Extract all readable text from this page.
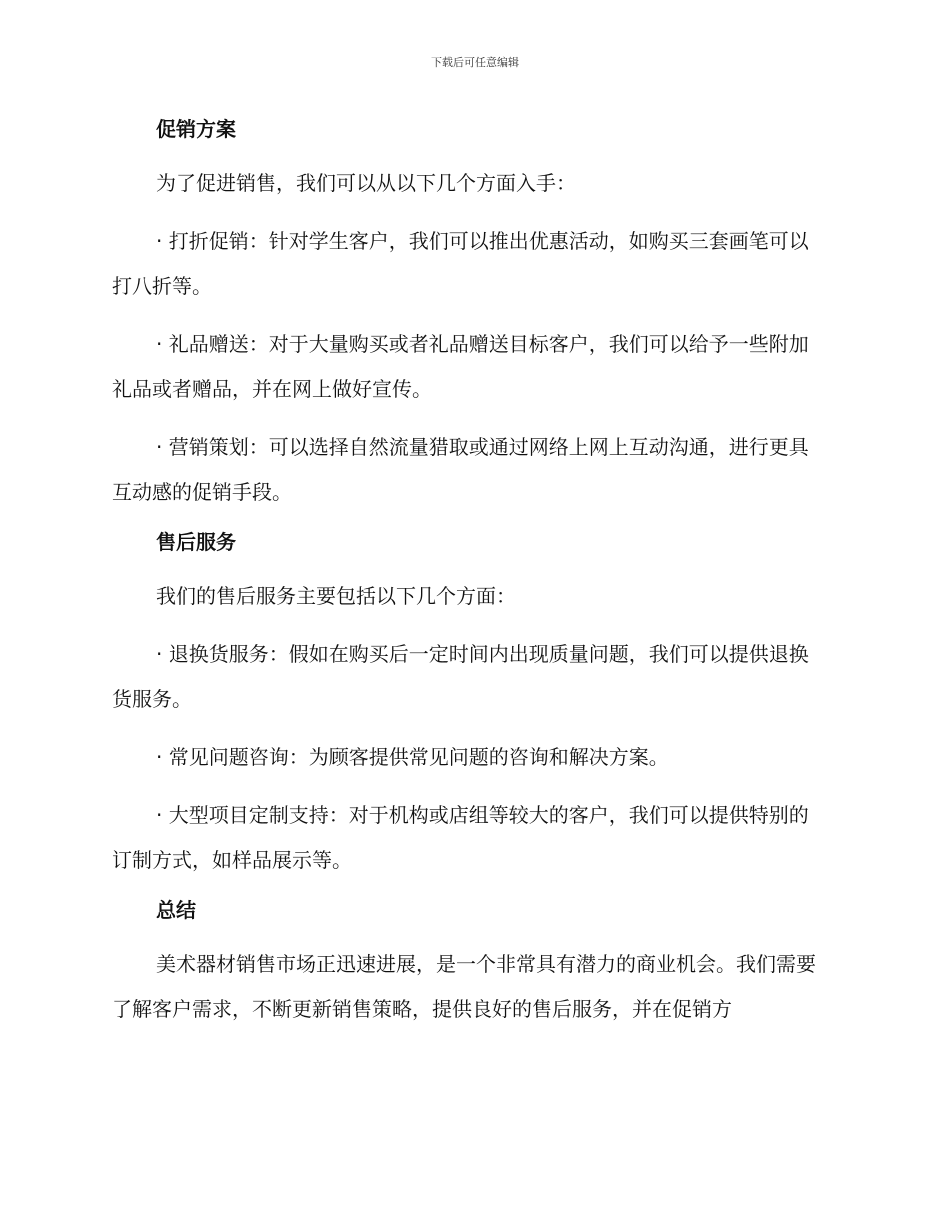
下载后可任意编辑
促销方案

为了促进销售，我们可以从以下几个方面入手：

· 打折促销：针对学生客户，我们可以推出优惠活动，如购买三套画笔可以打八折等。

· 礼品赠送：对于大量购买或者礼品赠送目标客户，我们可以给予一些附加礼品或者赠品，并在网上做好宣传。

· 营销策划：可以选择自然流量猎取或通过网络上网上互动沟通，进行更具互动感的促销手段。

售后服务

我们的售后服务主要包括以下几个方面：

· 退换货服务：假如在购买后一定时间内出现质量问题，我们可以提供退换货服务。

· 常见问题咨询：为顾客提供常见问题的咨询和解决方案。

· 大型项目定制支持：对于机构或店组等较大的客户，我们可以提供特别的订制方式，如样品展示等。

总结

美术器材销售市场正迅速进展，是一个非常具有潜力的商业机会。我们需要了解客户需求，不断更新销售策略，提供良好的售后服务，并在促销方
